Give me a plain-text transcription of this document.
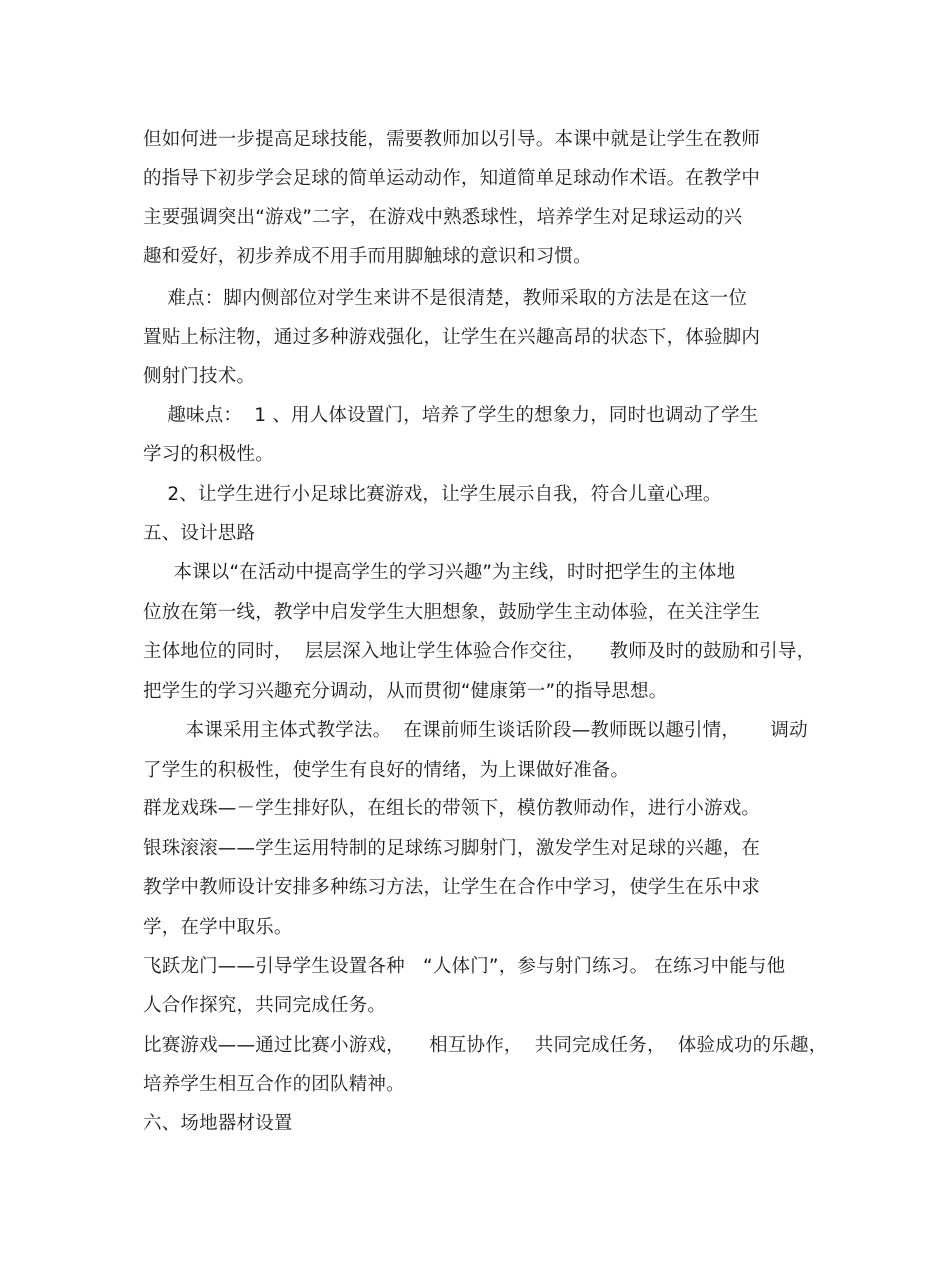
但如何进一步提高足球技能，需要教师加以引导。本课中就是让学生在教师
的指导下初步学会足球的简单运动动作，知道简单足球动作术语。在教学中
主要强调突出“游戏”二字，在游戏中熟悉球性，培养学生对足球运动的兴
趣和爱好，初步养成不用手而用脚触球的意识和习惯。
难点：脚内侧部位对学生来讲不是很清楚，教师采取的方法是在这一位
置贴上标注物，通过多种游戏强化，让学生在兴趣高昂的状态下，体验脚内
侧射门技术。
趣味点：  1 、用人体设置门，培养了学生的想象力，同时也调动了学生
学习的积极性。
2、让学生进行小足球比赛游戏，让学生展示自我，符合儿童心理。
五、设计思路
本课以“在活动中提高学生的学习兴趣”为主线，时时把学生的主体地
位放在第一线，教学中启发学生大胆想象，鼓励学生主动体验，在关注学生
主体地位的同时，  层层深入地让学生体验合作交往，    教师及时的鼓励和引导，
把学生的学习兴趣充分调动，从而贯彻“健康第一”的指导思想。
本课采用主体式教学法。  在课前师生谈话阶段—教师既以趣引情，     调动
了学生的积极性，使学生有良好的情绪，为上课做好准备。
群龙戏珠—－学生排好队，在组长的带领下，模仿教师动作，进行小游戏。
银珠滚滚——学生运用特制的足球练习脚射门，激发学生对足球的兴趣，在
教学中教师设计安排多种练习方法，让学生在合作中学习，使学生在乐中求
学，在学中取乐。
飞跃龙门——引导学生设置各种   “人体门”，参与射门练习。 在练习中能与他
人合作探究，共同完成任务。
比赛游戏——通过比赛小游戏，    相互协作，  共同完成任务，  体验成功的乐趣，
培养学生相互合作的团队精神。
六、场地器材设置
